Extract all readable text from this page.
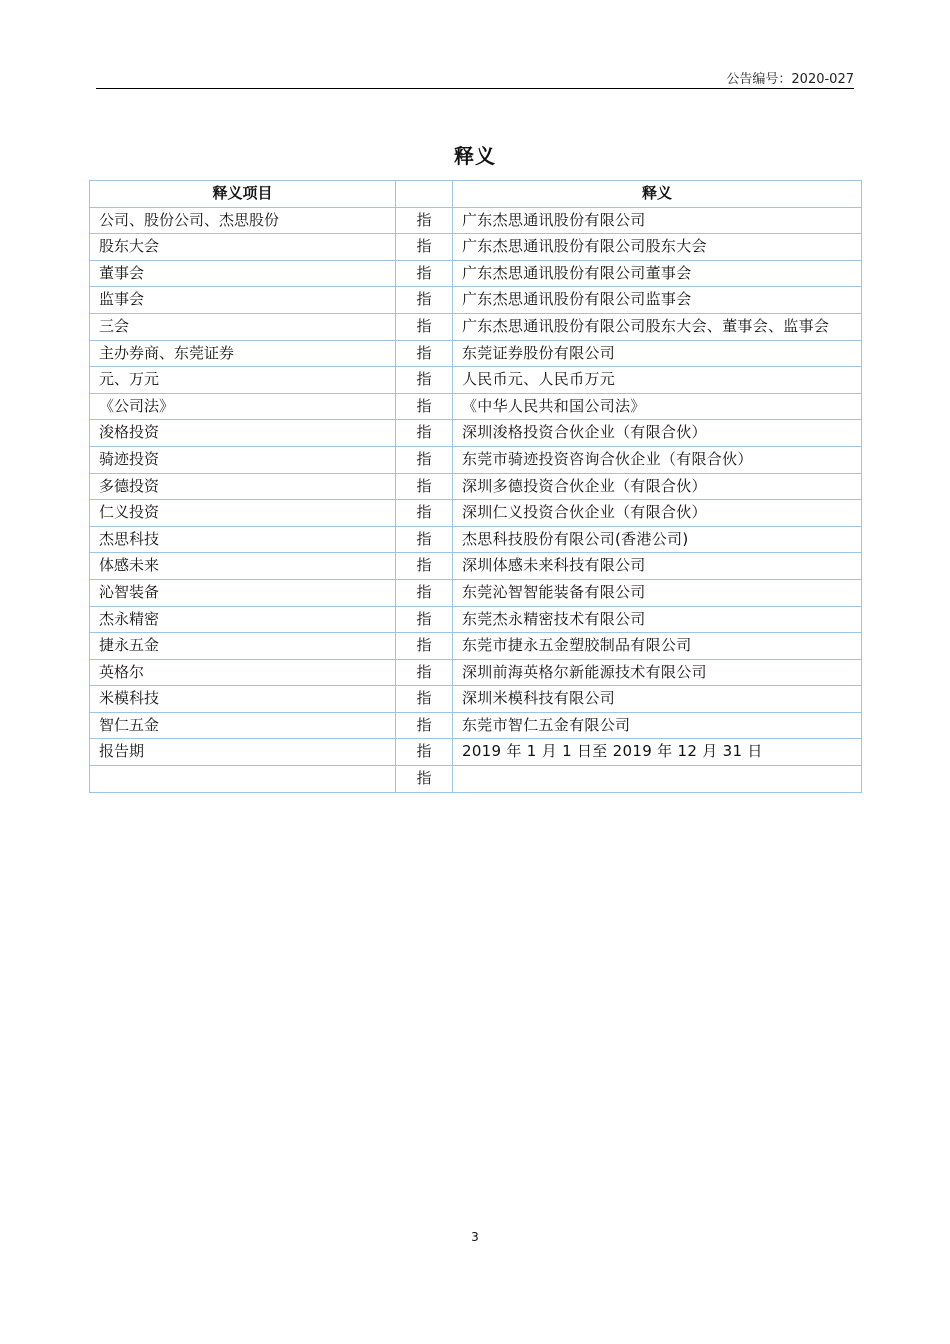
公告编号：2020-027
释义
释义项目		释义
公司、股份公司、杰思股份	指	广东杰思通讯股份有限公司
股东大会	指	广东杰思通讯股份有限公司股东大会
董事会	指	广东杰思通讯股份有限公司董事会
监事会	指	广东杰思通讯股份有限公司监事会
三会	指	广东杰思通讯股份有限公司股东大会、董事会、监事会
主办券商、东莞证券	指	东莞证券股份有限公司
元、万元	指	人民币元、人民币万元
《公司法》	指	《中华人民共和国公司法》
浚格投资	指	深圳浚格投资合伙企业（有限合伙）
骑迹投资	指	东莞市骑迹投资咨询合伙企业（有限合伙）
多德投资	指	深圳多德投资合伙企业（有限合伙）
仁义投资	指	深圳仁义投资合伙企业（有限合伙）
杰思科技	指	杰思科技股份有限公司(香港公司)
体感未来	指	深圳体感未来科技有限公司
沁智装备	指	东莞沁智智能装备有限公司
杰永精密	指	东莞杰永精密技术有限公司
捷永五金	指	东莞市捷永五金塑胶制品有限公司
英格尔	指	深圳前海英格尔新能源技术有限公司
米模科技	指	深圳米模科技有限公司
智仁五金	指	东莞市智仁五金有限公司
报告期	指	2019 年 1 月 1 日至 2019 年 12 月 31 日
	指	
3
